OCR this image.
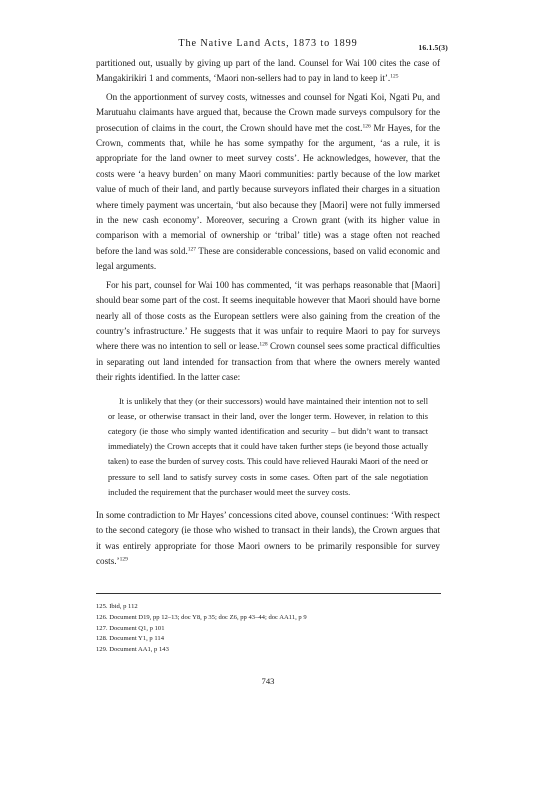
The Native Land Acts, 1873 to 1899	16.1.5(3)

partitioned out, usually by giving up part of the land. Counsel for Wai 100 cites the case of Mangakirikiri 1 and comments, ‘Maori non-sellers had to pay in land to keep it’.$^{125}$

On the apportionment of survey costs, witnesses and counsel for Ngati Koi, Ngati Pu, and Marutuahu claimants have argued that, because the Crown made surveys compulsory for the prosecution of claims in the court, the Crown should have met the cost.$^{126}$ Mr Hayes, for the Crown, comments that, while he has some sympathy for the argument, ‘as a rule, it is appropriate for the land owner to meet survey costs’. He acknowledges, however, that the costs were ‘a heavy burden’ on many Maori communities: partly because of the low market value of much of their land, and partly because surveyors inflated their charges in a situation where timely payment was uncertain, ‘but also because they [Maori] were not fully immersed in the new cash economy’. Moreover, securing a Crown grant (with its higher value in comparison with a memorial of ownership or ‘tribal’ title) was a stage often not reached before the land was sold.$^{127}$ These are considerable concessions, based on valid economic and legal arguments.

For his part, counsel for Wai 100 has commented, ‘it was perhaps reasonable that [Maori] should bear some part of the cost. It seems inequitable however that Maori should have borne nearly all of those costs as the European settlers were also gaining from the creation of the country’s infrastructure.’ He suggests that it was unfair to require Maori to pay for surveys where there was no intention to sell or lease.$^{128}$ Crown counsel sees some practical difficulties in separating out land intended for transaction from that where the owners merely wanted their rights identified. In the latter case:

It is unlikely that they (or their successors) would have maintained their intention not to sell or lease, or otherwise transact in their land, over the longer term. However, in relation to this category (ie those who simply wanted identification and security – but didn’t want to transact immediately) the Crown accepts that it could have taken further steps (ie beyond those actually taken) to ease the burden of survey costs. This could have relieved Hauraki Maori of the need or pressure to sell land to satisfy survey costs in some cases. Often part of the sale negotiation included the requirement that the purchaser would meet the survey costs.

In some contradiction to Mr Hayes’ concessions cited above, counsel continues: ‘With respect to the second category (ie those who wished to transact in their lands), the Crown argues that it was entirely appropriate for those Maori owners to be primarily responsible for survey costs.’$^{129}$

125. Ibid, p 112
126. Document D19, pp 12–13; doc Y8, p 35; doc Z6, pp 43–44; doc AA11, p 9
127. Document Q1, p 101
128. Document Y1, p 114
129. Document AA1, p 143
743
